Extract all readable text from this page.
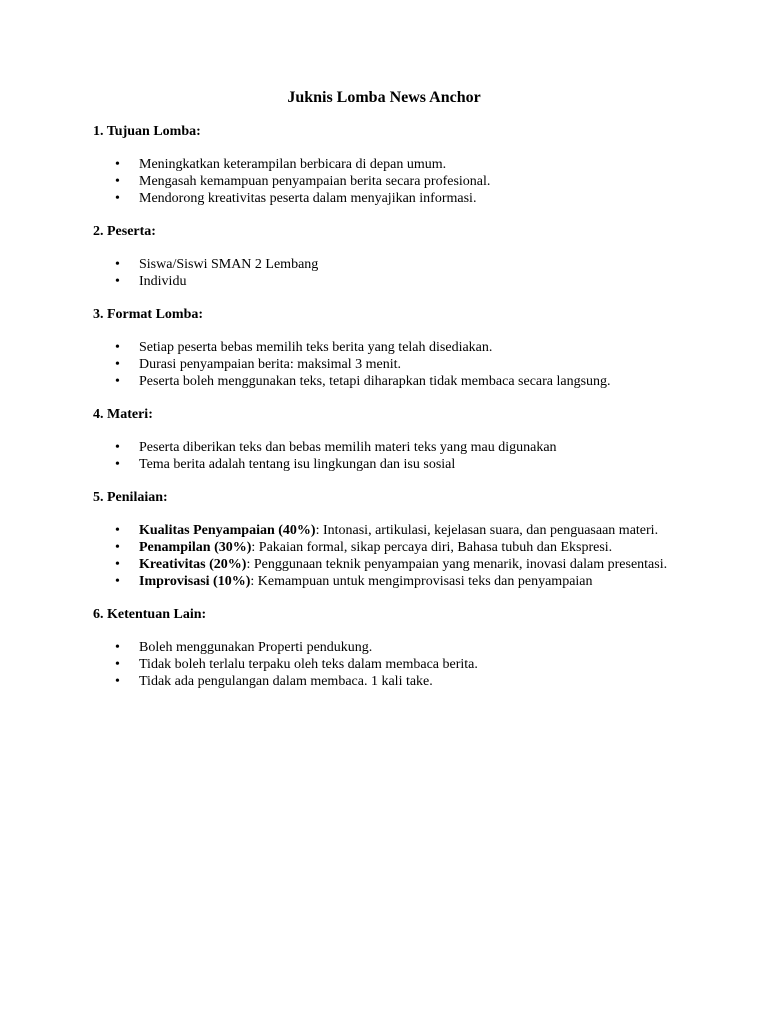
Juknis Lomba News Anchor
1. Tujuan Lomba:
• Meningkatkan keterampilan berbicara di depan umum.
• Mengasah kemampuan penyampaian berita secara profesional.
• Mendorong kreativitas peserta dalam menyajikan informasi.
2. Peserta:
• Siswa/Siswi SMAN 2 Lembang
• Individu
3. Format Lomba:
• Setiap peserta bebas memilih teks berita yang telah disediakan.
• Durasi penyampaian berita: maksimal 3 menit.
• Peserta boleh menggunakan teks, tetapi diharapkan tidak membaca secara langsung.
4. Materi:
• Peserta diberikan teks dan bebas memilih materi teks yang mau digunakan
• Tema berita adalah tentang isu lingkungan dan isu sosial
5. Penilaian:
• Kualitas Penyampaian (40%): Intonasi, artikulasi, kejelasan suara, dan penguasaan materi.
• Penampilan (30%): Pakaian formal, sikap percaya diri, Bahasa tubuh dan Ekspresi.
• Kreativitas (20%): Penggunaan teknik penyampaian yang menarik, inovasi dalam presentasi.
• Improvisasi (10%): Kemampuan untuk mengimprovisasi teks dan penyampaian
6. Ketentuan Lain:
• Boleh menggunakan Properti pendukung.
• Tidak boleh terlalu terpaku oleh teks dalam membaca berita.
• Tidak ada pengulangan dalam membaca. 1 kali take.
